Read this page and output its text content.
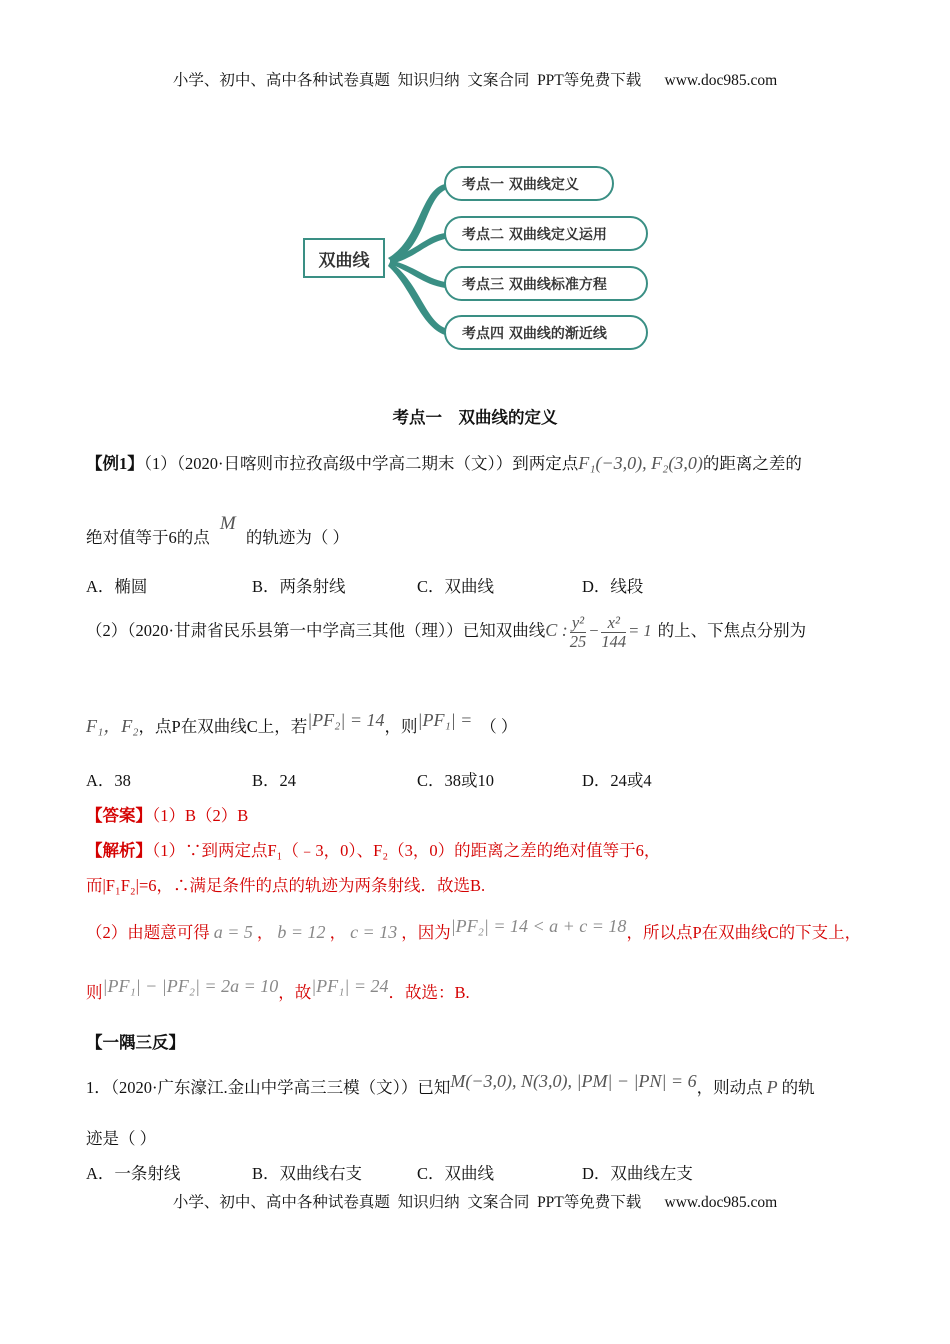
小学、初中、高中各种试卷真题  知识归纳  文案合同  PPT等免费下载      www.doc985.com
双曲线
考点一 双曲线定义
考点二 双曲线定义运用
考点三 双曲线标准方程
考点四 双曲线的渐近线
考点一    双曲线的定义
【例1】（1）（2020·日喀则市拉孜高级中学高二期末（文））到两定点F₁(−3,0), F₂(3,0)的距离之差的
绝对值等于6的点 M 的轨迹为（ ）
A．椭圆	B．两条射线	C．双曲线	D．线段
（2）（2020·甘肃省民乐县第一中学高三其他（理））已知双曲线C : $\frac{\text{y²}}{25} - \frac{\text{x²}}{144} = 1$ 的上、下焦点分别为
F₁，F₂，点P在双曲线C上，若|PF₂| = 14，则|PF₁| = （ ）
A．38	B．24	C．38或10	D．24或4
【答案】（1）B（2）B
【解析】（1）∵到两定点F₁（﹣3，0）、F₂（3，0）的距离之差的绝对值等于6，
而|F₁F₂|=6，∴满足条件的点的轨迹为两条射线．故选B.
（2）由题意可得 a = 5 ， b = 12 ， c = 13 ，因为|PF₂| = 14 < a + c = 18，所以点P在双曲线C的下支上，
则|PF₁| − |PF₂| = 2a = 10，故|PF₁| = 24．故选：B.
【一隅三反】
1．（2020·广东濠江.金山中学高三三模（文））已知M(−3,0), N(3,0), |PM| − |PN| = 6，则动点 P 的轨
迹是（ ）
A．一条射线	B．双曲线右支	C．双曲线	D．双曲线左支
小学、初中、高中各种试卷真题  知识归纳  文案合同  PPT等免费下载      www.doc985.com
